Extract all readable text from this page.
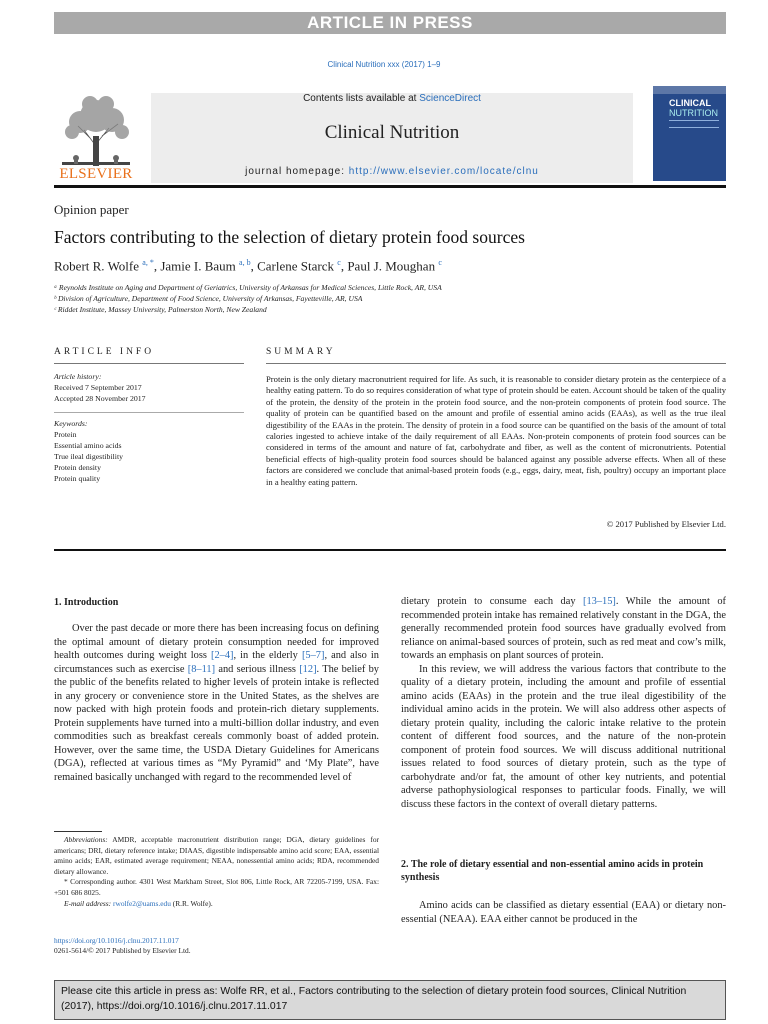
ARTICLE IN PRESS
Clinical Nutrition xxx (2017) 1–9
ELSEVIER
Contents lists available at ScienceDirect
Clinical Nutrition
journal homepage: http://www.elsevier.com/locate/clnu
CLINICAL
NUTRITION
Opinion paper
Factors contributing to the selection of dietary protein food sources
Robert R. Wolfe $^{a, *}$, Jamie I. Baum $^{a, b}$, Carlene Starck $^c$, Paul J. Moughan $^c$
ᵃ Reynolds Institute on Aging and Department of Geriatrics, University of Arkansas for Medical Sciences, Little Rock, AR, USA
ᵇ Division of Agriculture, Department of Food Science, University of Arkansas, Fayetteville, AR, USA
ᶜ Riddet Institute, Massey University, Palmerston North, New Zealand
ARTICLE INFO
Article history:
Received 7 September 2017
Accepted 28 November 2017
Keywords:
Protein
Essential amino acids
True ileal digestibility
Protein density
Protein quality
SUMMARY
Protein is the only dietary macronutrient required for life. As such, it is reasonable to consider dietary protein as the centerpiece of a healthy eating pattern. To do so requires consideration of what type of protein should be eaten. Account should be taken of the quality of the protein, the density of the protein in the protein food source, and the non-protein components of protein food source. The quality of protein can be quantified based on the amount and profile of essential amino acids (EAAs), as well as the true ileal digestibility of the EAAs in the protein. The density of protein in a food source can be quantified on the basis of the amount of total calories ingested to achieve intake of the daily requirement of all EAAs. Non-protein components of protein food sources can be considered in terms of the amount and nature of fat, carbohydrate and fiber, as well as the content of micronutrients. Potential beneficial effects of high-quality protein food sources should be balanced against any possible adverse effects. When all of these factors are considered we conclude that animal-based protein foods (e.g., eggs, dairy, meat, fish, poultry) occupy an important place in a healthy eating pattern.
© 2017 Published by Elsevier Ltd.
1. Introduction

Over the past decade or more there has been increasing focus on defining the optimal amount of dietary protein consumption needed for improved health outcomes during weight loss [2–4], in the elderly [5–7], and also in circumstances such as exercise [8–11] and serious illness [12]. The belief by the public of the benefits related to higher levels of protein intake is reflected in any grocery or convenience store in the United States, as the shelves are now packed with high protein foods and protein-rich dietary supplements. Protein supplements have turned into a multi-billion dollar industry, and even commodities such as breakfast cereals commonly boast of added protein. However, over the same time, the USDA Dietary Guidelines for Americans (DGA), reflected at various times as “My Pyramid” and ‘My Plate”, have remained basically unchanged with regard to the recommended level of

Abbreviations: AMDR, acceptable macronutrient distribution range; DGA, dietary guidelines for americans; DRI, dietary reference intake; DIAAS, digestible indispensable amino acid score; EAA, essential amino acids; EAR, estimated average requirement; NEAA, nonessential amino acids; RDA, recommended dietary allowance.
* Corresponding author. 4301 West Markham Street, Slot 806, Little Rock, AR 72205-7199, USA. Fax: +501 686 8025.
E-mail address: rwolfe2@uams.edu (R.R. Wolfe).
https://doi.org/10.1016/j.clnu.2017.11.017
0261-5614/© 2017 Published by Elsevier Ltd.

dietary protein to consume each day [13–15]. While the amount of recommended protein intake has remained relatively constant in the DGA, the generally recommended protein food sources have gradually evolved from reliance on animal-based sources of protein, such as red meat and cow’s milk, towards an emphasis on plant sources of protein.

In this review, we will address the various factors that contribute to the quality of a dietary protein, including the amount and profile of essential amino acids (EAAs) in the protein and the true ileal digestibility of the individual amino acids in the protein. We will also address other aspects of dietary protein quality, including the caloric intake relative to the protein content of different food sources, and the nature of the non-protein component of protein food sources. We will discuss additional nutritional issues related to food sources of dietary protein, such as the type of carbohydrate and/or fat, the amount of other key nutrients, and potential adverse pathophysiological responses to particular foods. Finally, we will discuss these factors in the context of overall dietary patterns.

2. The role of dietary essential and non-essential amino acids in protein synthesis

Amino acids can be classified as dietary essential (EAA) or dietary non-essential (NEAA). EAA either cannot be produced in the

Please cite this article in press as: Wolfe RR, et al., Factors contributing to the selection of dietary protein food sources, Clinical Nutrition (2017), https://doi.org/10.1016/j.clnu.2017.11.017
